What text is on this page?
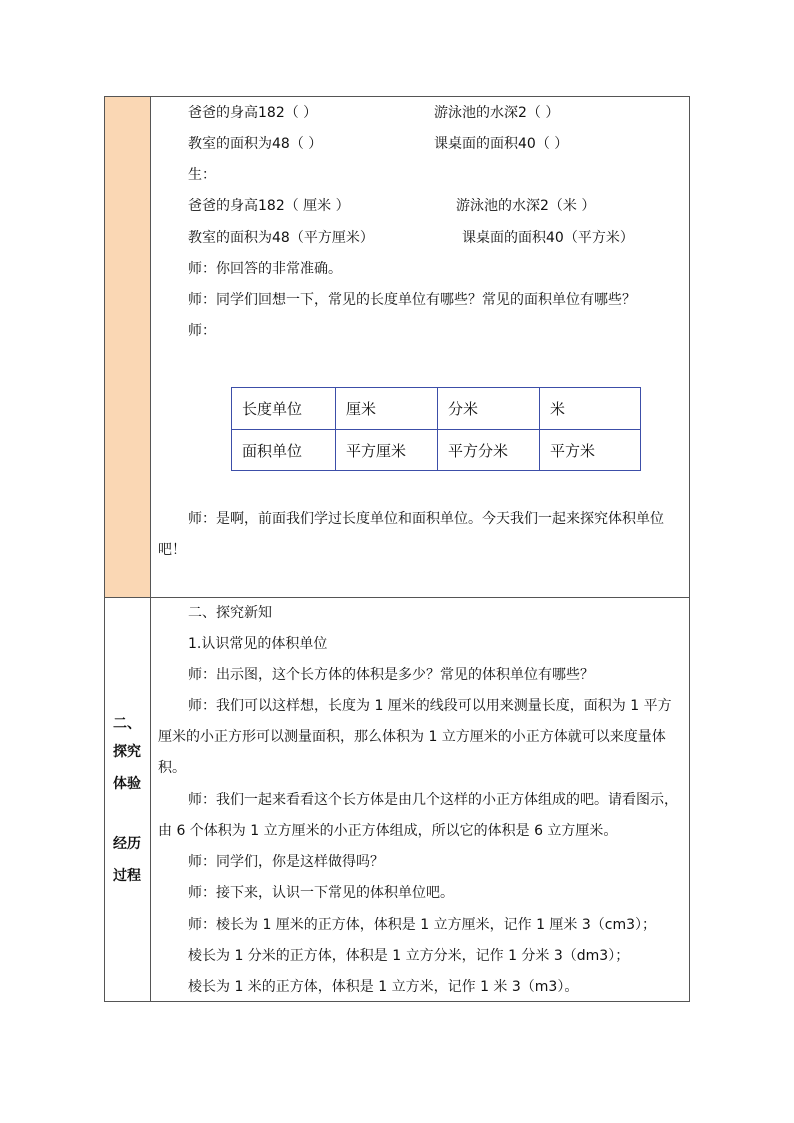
二、
探究
体验
经历
过程
爸爸的身高182（ ）	游泳池的水深2（ ）
教室的面积为48（ ）	课桌面的面积40（ ）
生：
爸爸的身高182（ 厘米 ）	游泳池的水深2（米 ）
教室的面积为48（平方厘米）	课桌面的面积40（平方米）
师：你回答的非常准确。
师：同学们回想一下，常见的长度单位有哪些？常见的面积单位有哪些？
师：
长度单位	厘米	分米	米
面积单位	平方厘米	平方分米	平方米
师：是啊，前面我们学过长度单位和面积单位。今天我们一起来探究体积单位
吧！
二、探究新知
1.认识常见的体积单位
师：出示图，这个长方体的体积是多少？常见的体积单位有哪些？
师：我们可以这样想，长度为 1 厘米的线段可以用来测量长度，面积为 1 平方
厘米的小正方形可以测量面积，那么体积为 1 立方厘米的小正方体就可以来度量体
积。
师：我们一起来看看这个长方体是由几个这样的小正方体组成的吧。请看图示，
由 6 个体积为 1 立方厘米的小正方体组成，所以它的体积是 6 立方厘米。
师：同学们，你是这样做得吗？
师：接下来，认识一下常见的体积单位吧。
师：棱长为 1 厘米的正方体，体积是 1 立方厘米，记作 1 厘米 3（cm3）；
棱长为 1 分米的正方体，体积是 1 立方分米，记作 1 分米 3（dm3）；
棱长为 1 米的正方体，体积是 1 立方米，记作 1 米 3（m3）。
